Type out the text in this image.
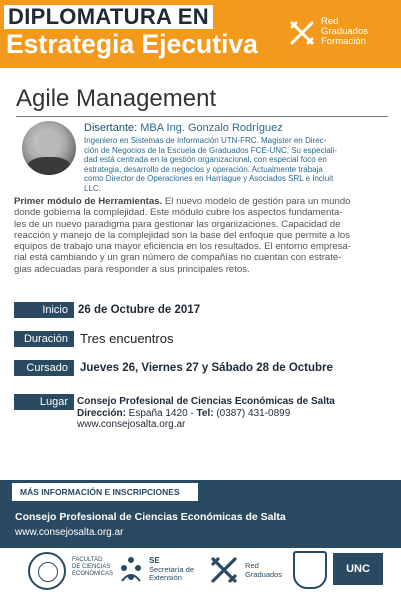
DIPLOMATURA EN
Estrategia Ejecutiva
Red
Graduados
Formación
Agile Management
Disertante: MBA Ing. Gonzalo Rodríguez
Ingeniero en Sistemas de Información UTN-FRC. Magister en Direc-
ción de Negocios de la Escuela de Graduados FCE-UNC. Su especiali-
dad está centrada en la gestión organizacional, con especial foco en
estrategia, desarrollo de negocios y operación. Actualmente trabaja
como Director de Operaciones en Harriague y Asociados SRL e Incluit
LLC.
Primer módulo de Herramientas. El nuevo modelo de gestión para un mundo
donde gobierna la complejidad. Este módulo cubre los aspectos fundamenta-
les de un nuevo paradigma para gestionar las organizaciones. Capacidad de
reacción y manejo de la complejidad son la base del enfoque que permite a los
equipos de trabajo una mayor eficiencia en los resultados. El entorno empresa-
rial está cambiando y un gran número de compañías no cuentan con estrate-
gias adecuadas para responder a sus principales retos.
Inicio 26 de Octubre de 2017
Duración Tres encuentros
Cursado	Jueves 26, Viernes 27 y Sábado 28 de Octubre
Lugar Consejo Profesional de Ciencias Económicas de Salta
Dirección: España 1420 - Tel: (0387) 431-0899
www.consejosalta.org.ar
MÁS INFORMACIÓN E INSCRIPCIONES
Consejo Profesional de Ciencias Económicas de Salta
www.consejosalta.org.ar
FACULTAD
DE CIENCIAS
ECONÓMICAS
SE
Secretaría de
Extensión
Red
Graduados	UNC
